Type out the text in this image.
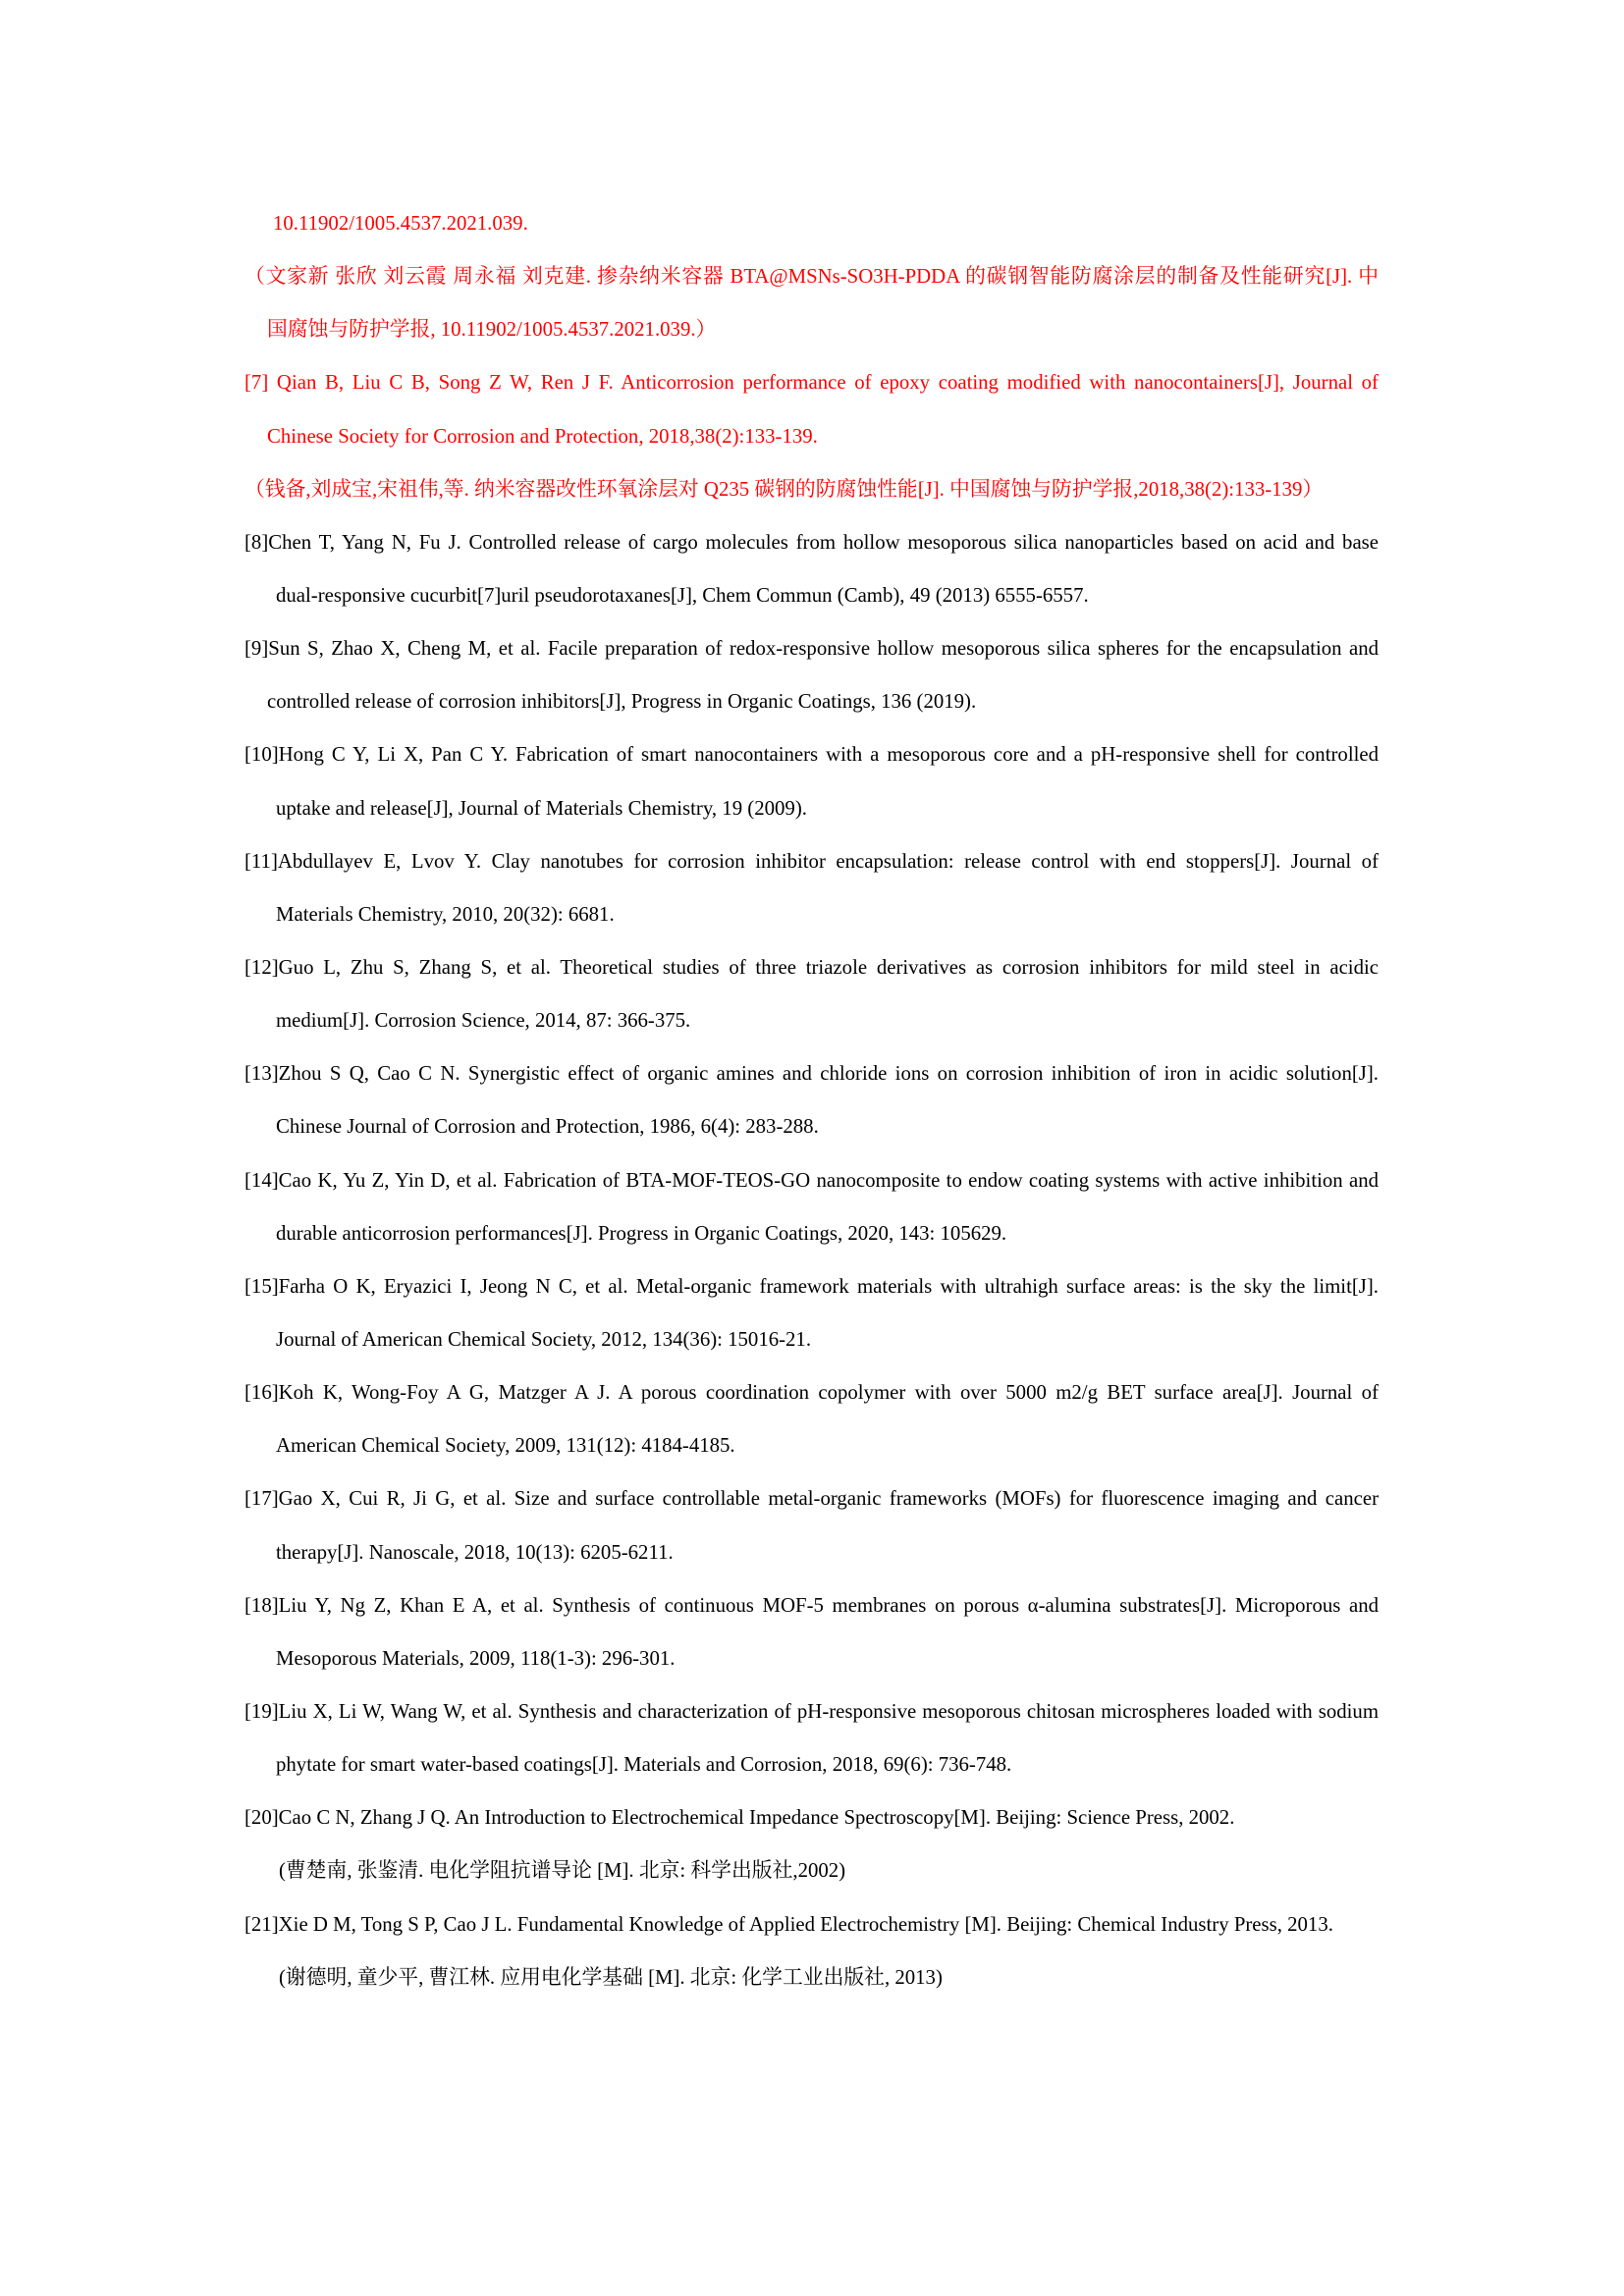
10.11902/1005.4537.2021.039.
（文家新 张欣 刘云霞 周永福 刘克建. 掺杂纳米容器 BTA@MSNs-SO3H-PDDA 的碳钢智能防腐涂层的制备及性能研究[J]. 中
国腐蚀与防护学报, 10.11902/1005.4537.2021.039.）
[7] Qian B, Liu C B, Song Z W, Ren J F. Anticorrosion performance of epoxy coating modified with nanocontainers[J], Journal of
Chinese Society for Corrosion and Protection, 2018,38(2):133-139.
（钱备,刘成宝,宋祖伟,等. 纳米容器改性环氧涂层对 Q235 碳钢的防腐蚀性能[J]. 中国腐蚀与防护学报,2018,38(2):133-139）
[8]Chen T, Yang N, Fu J. Controlled release of cargo molecules from hollow mesoporous silica nanoparticles based on acid and base
dual-responsive cucurbit[7]uril pseudorotaxanes[J], Chem Commun (Camb), 49 (2013) 6555-6557.
[9]Sun S, Zhao X, Cheng M, et al. Facile preparation of redox-responsive hollow mesoporous silica spheres for the encapsulation and
controlled release of corrosion inhibitors[J], Progress in Organic Coatings, 136 (2019).
[10]Hong C Y, Li X, Pan C Y. Fabrication of smart nanocontainers with a mesoporous core and a pH-responsive shell for controlled
uptake and release[J], Journal of Materials Chemistry, 19 (2009).
[11]Abdullayev E, Lvov Y. Clay nanotubes for corrosion inhibitor encapsulation: release control with end stoppers[J]. Journal of
Materials Chemistry, 2010, 20(32): 6681.
[12]Guo L, Zhu S, Zhang S, et al. Theoretical studies of three triazole derivatives as corrosion inhibitors for mild steel in acidic
medium[J]. Corrosion Science, 2014, 87: 366-375.
[13]Zhou S Q, Cao C N. Synergistic effect of organic amines and chloride ions on corrosion inhibition of iron in acidic solution[J].
Chinese Journal of Corrosion and Protection, 1986, 6(4): 283-288.
[14]Cao K, Yu Z, Yin D, et al. Fabrication of BTA-MOF-TEOS-GO nanocomposite to endow coating systems with active inhibition and
durable anticorrosion performances[J]. Progress in Organic Coatings, 2020, 143: 105629.
[15]Farha O K, Eryazici I, Jeong N C, et al. Metal-organic framework materials with ultrahigh surface areas: is the sky the limit[J].
Journal of American Chemical Society, 2012, 134(36): 15016-21.
[16]Koh K, Wong-Foy A G, Matzger A J. A porous coordination copolymer with over 5000 m2/g BET surface area[J]. Journal of
American Chemical Society, 2009, 131(12): 4184-4185.
[17]Gao X, Cui R, Ji G, et al. Size and surface controllable metal-organic frameworks (MOFs) for fluorescence imaging and cancer
therapy[J]. Nanoscale, 2018, 10(13): 6205-6211.
[18]Liu Y, Ng Z, Khan E A, et al. Synthesis of continuous MOF-5 membranes on porous α-alumina substrates[J]. Microporous and
Mesoporous Materials, 2009, 118(1-3): 296-301.
[19]Liu X, Li W, Wang W, et al. Synthesis and characterization of pH-responsive mesoporous chitosan microspheres loaded with sodium
phytate for smart water-based coatings[J]. Materials and Corrosion, 2018, 69(6): 736-748.
[20]Cao C N, Zhang J Q. An Introduction to Electrochemical Impedance Spectroscopy[M]. Beijing: Science Press, 2002.
(曹楚南, 张鉴清. 电化学阻抗谱导论 [M]. 北京: 科学出版社,2002)
[21]Xie D M, Tong S P, Cao J L. Fundamental Knowledge of Applied Electrochemistry [M]. Beijing: Chemical Industry Press, 2013.
(谢德明, 童少平, 曹江林. 应用电化学基础 [M]. 北京: 化学工业出版社, 2013)
